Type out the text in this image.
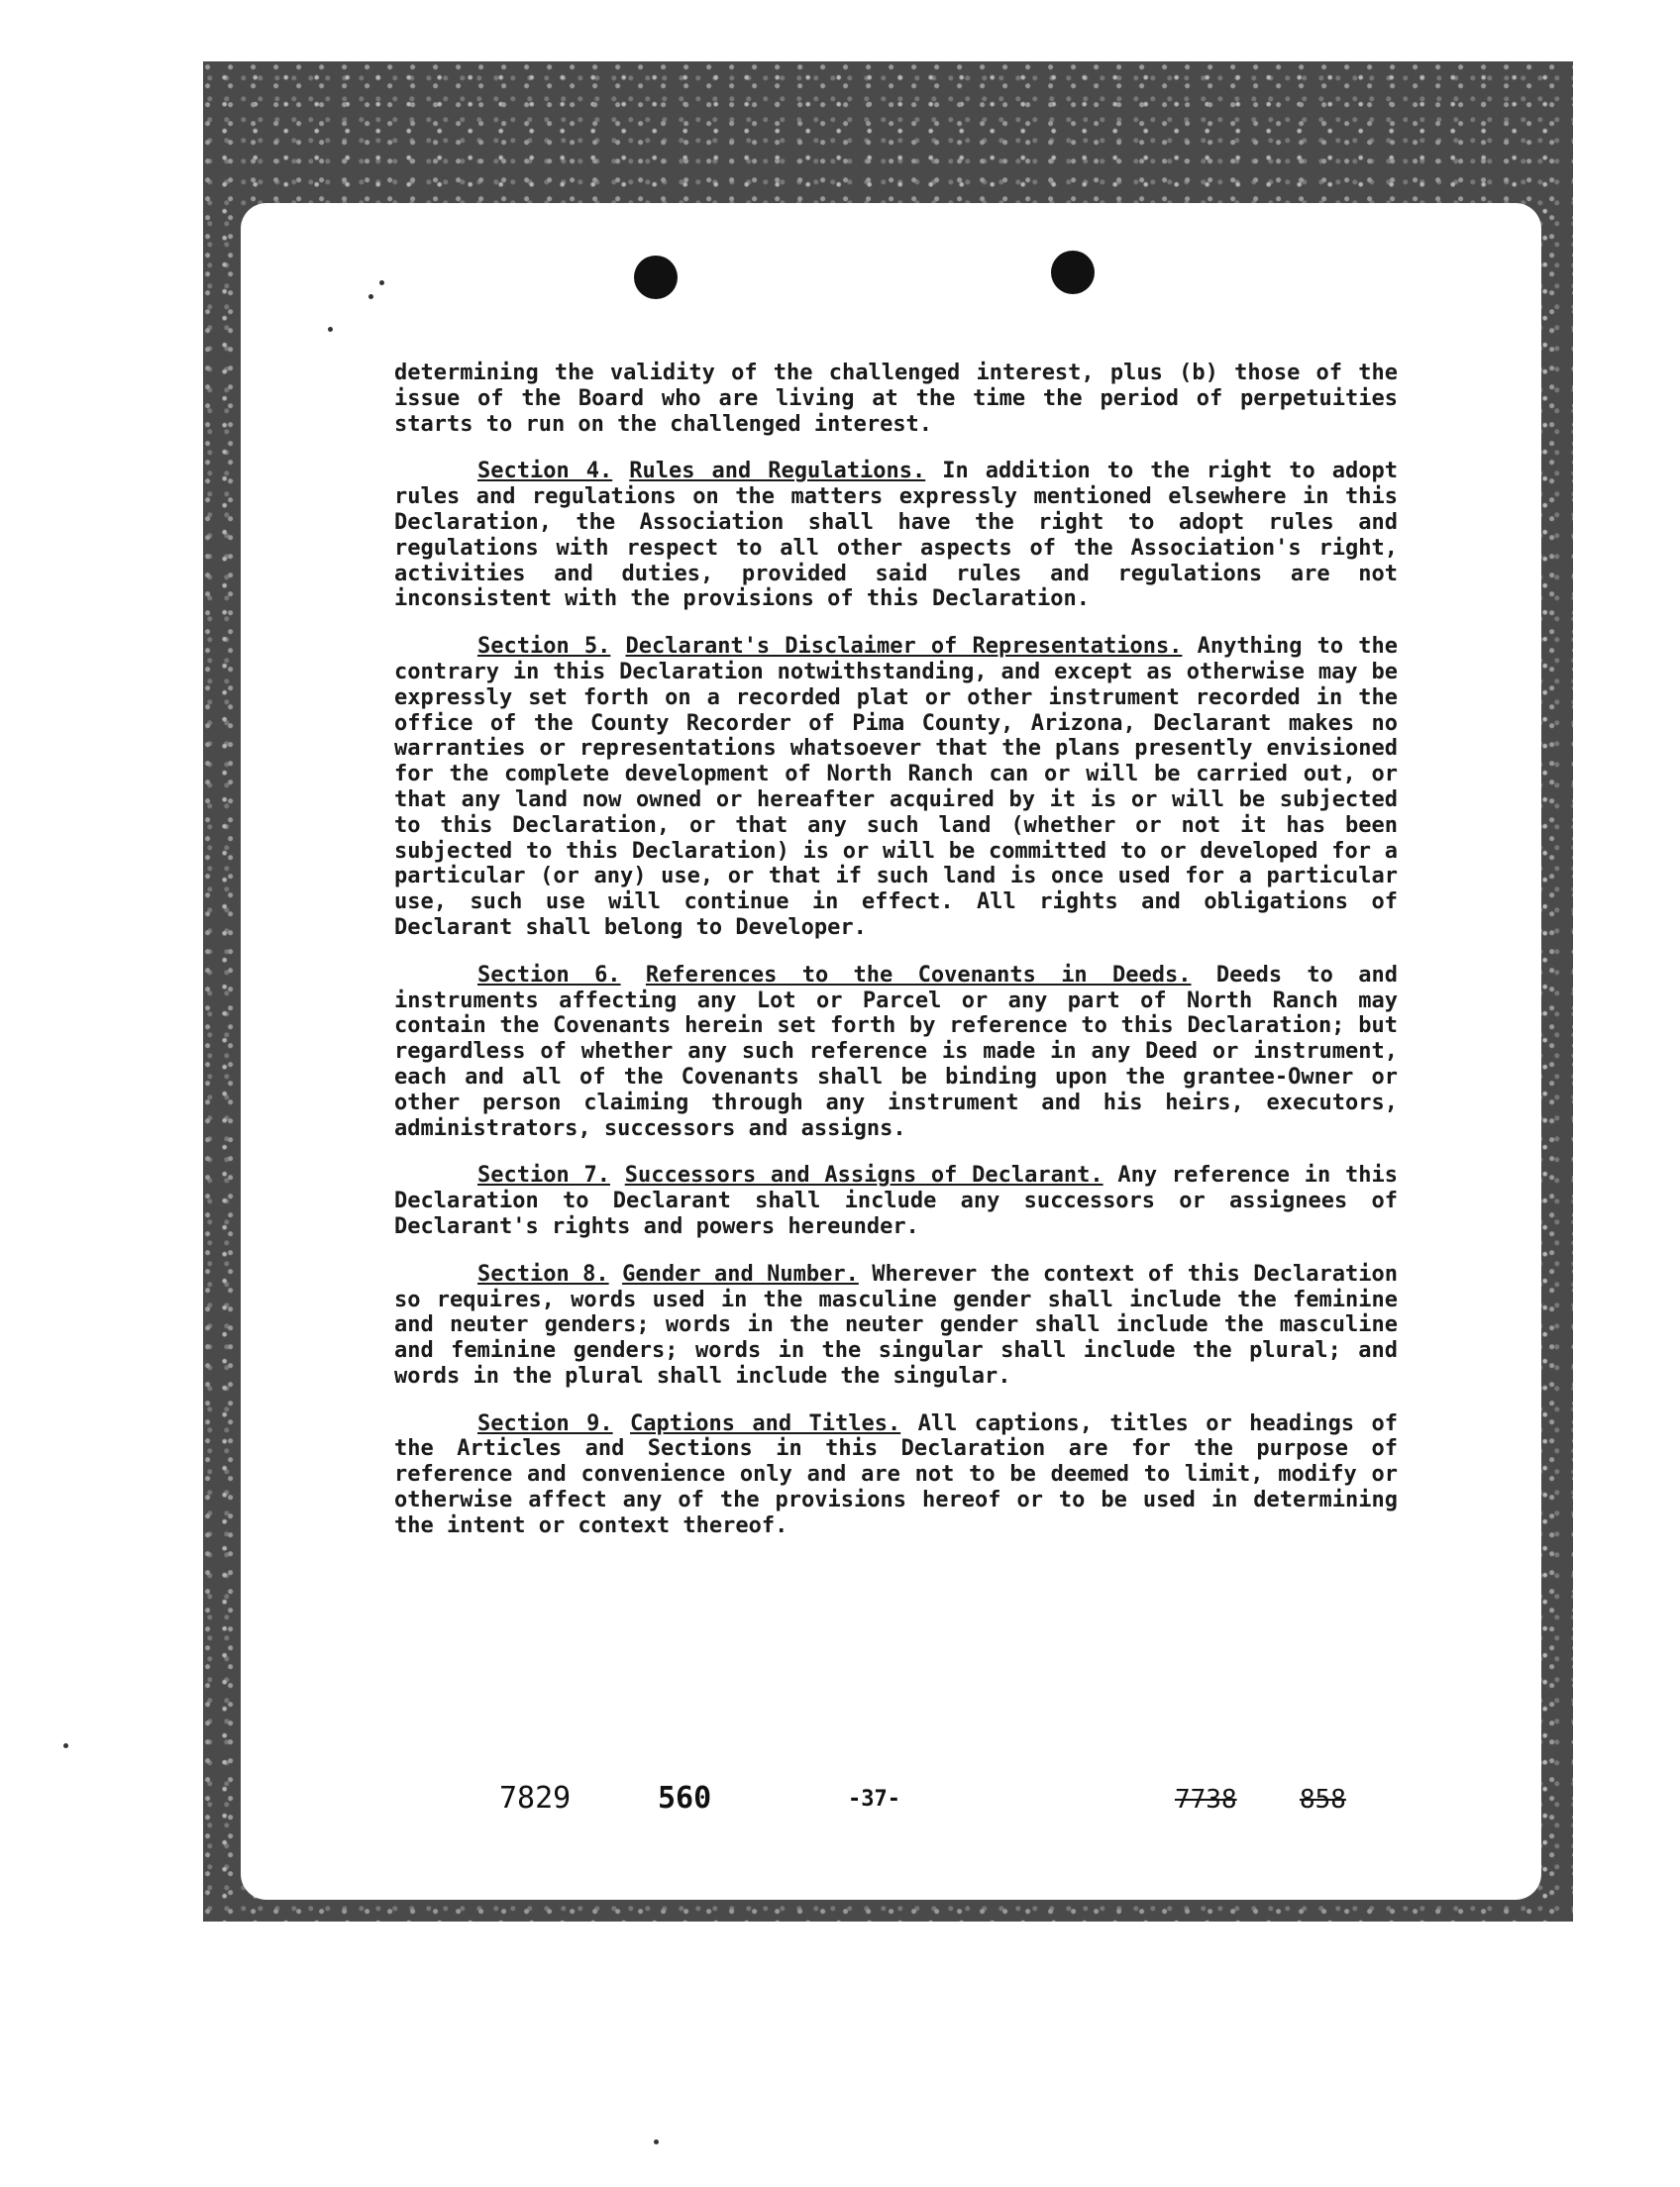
determining the validity of the challenged interest, plus (b) those of the issue of the Board who are living at the time the period of perpetuities starts to run on the challenged interest.

Section 4. Rules and Regulations. In addition to the right to adopt rules and regulations on the matters expressly mentioned elsewhere in this Declaration, the Association shall have the right to adopt rules and regulations with respect to all other aspects of the Association's right, activities and duties, provided said rules and regulations are not inconsistent with the provisions of this Declaration.

Section 5. Declarant's Disclaimer of Representations. Anything to the contrary in this Declaration notwithstanding, and except as otherwise may be expressly set forth on a recorded plat or other instrument recorded in the office of the County Recorder of Pima County, Arizona, Declarant makes no warranties or representations whatsoever that the plans presently envisioned for the complete development of North Ranch can or will be carried out, or that any land now owned or hereafter acquired by it is or will be subjected to this Declaration, or that any such land (whether or not it has been subjected to this Declaration) is or will be committed to or developed for a particular (or any) use, or that if such land is once used for a particular use, such use will continue in effect. All rights and obligations of Declarant shall belong to Developer.

Section 6. References to the Covenants in Deeds. Deeds to and instruments affecting any Lot or Parcel or any part of North Ranch may contain the Covenants herein set forth by reference to this Declaration; but regardless of whether any such reference is made in any Deed or instrument, each and all of the Covenants shall be binding upon the grantee-Owner or other person claiming through any instrument and his heirs, executors, administrators, successors and assigns.

Section 7. Successors and Assigns of Declarant. Any reference in this Declaration to Declarant shall include any successors or assignees of Declarant's rights and powers hereunder.

Section 8. Gender and Number. Wherever the context of this Declaration so requires, words used in the masculine gender shall include the feminine and neuter genders; words in the neuter gender shall include the masculine and feminine genders; words in the singular shall include the plural; and words in the plural shall include the singular.

Section 9. Captions and Titles. All captions, titles or headings of the Articles and Sections in this Declaration are for the purpose of reference and convenience only and are not to be deemed to limit, modify or otherwise affect any of the provisions hereof or to be used in determining the intent or context thereof.

7829	560	-37-	7738 858
